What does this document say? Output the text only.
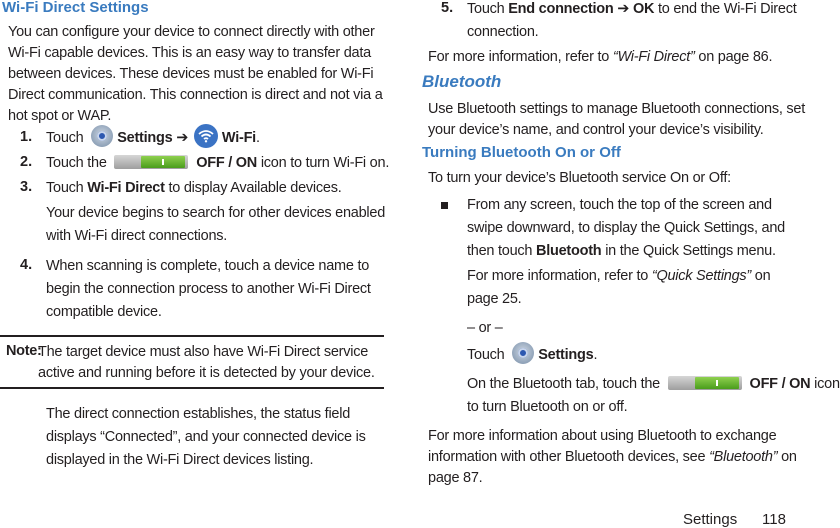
Wi-Fi Direct Settings
You can configure your device to connect directly with other
Wi-Fi capable devices. This is an easy way to transfer data
between devices. These devices must be enabled for Wi-Fi
Direct communication. This connection is direct and not via a
hot spot or WAP.
1. Touch Settings ➔ Wi-Fi.
2. Touch the	OFF / ON icon to turn Wi-Fi on.
3. Touch Wi-Fi Direct to display Available devices.
Your device begins to search for other devices enabled
with Wi-Fi direct connections.
4. When scanning is complete, touch a device name to
begin the connection process to another Wi-Fi Direct
compatible device.
Note:
The target device must also have Wi-Fi Direct service
active and running before it is detected by your device.
The direct connection establishes, the status field
displays “Connected”, and your connected device is
displayed in the Wi-Fi Direct devices listing.
5. Touch End connection ➔ OK to end the Wi-Fi Direct
connection.
For more information, refer to “Wi-Fi Direct” on page 86.
Bluetooth
Use Bluetooth settings to manage Bluetooth connections, set
your device’s name, and control your device’s visibility.
Turning Bluetooth On or Off
To turn your device’s Bluetooth service On or Off:
From any screen, touch the top of the screen and
swipe downward, to display the Quick Settings, and
then touch Bluetooth in the Quick Settings menu.
For more information, refer to “Quick Settings” on
page 25.
– or –
Touch Settings.
On the Bluetooth tab, touch the	OFF / ON icon
to turn Bluetooth on or off.
For more information about using Bluetooth to exchange
information with other Bluetooth devices, see “Bluetooth” on
page 87.
Settings 118
